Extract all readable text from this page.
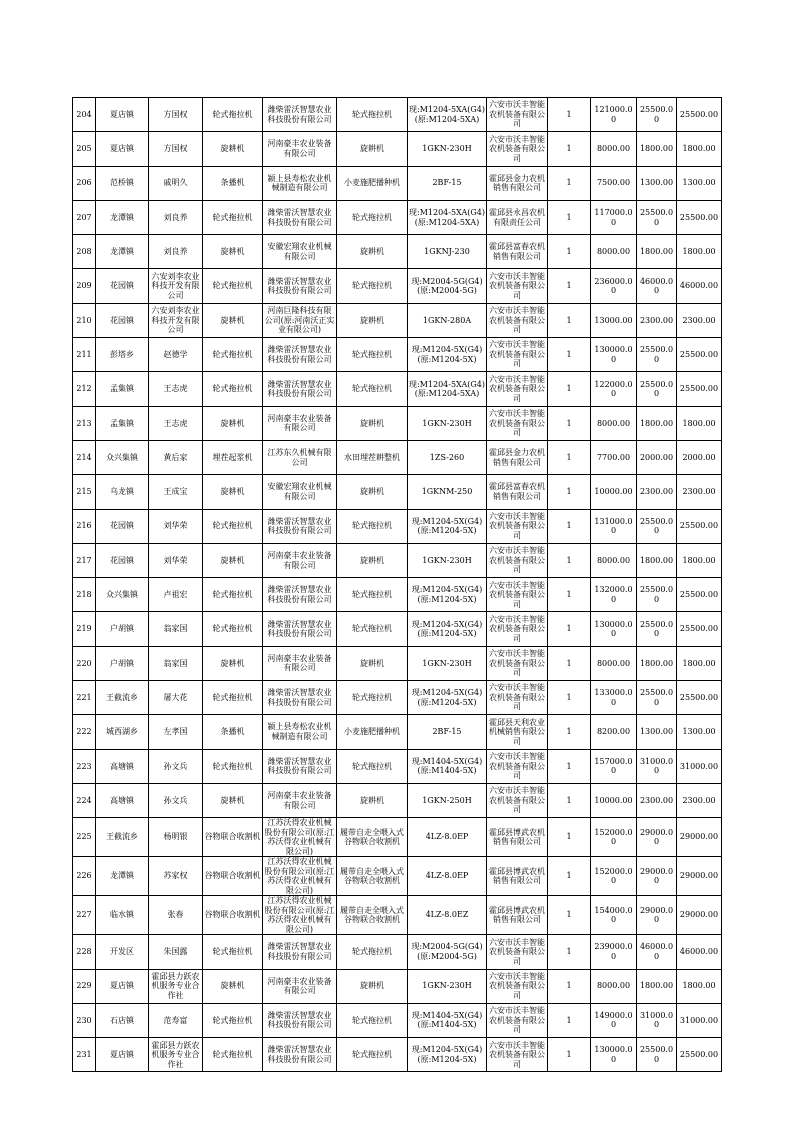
204	夏店镇	方国权	轮式拖拉机	潍柴雷沃智慧农业科技股份有限公司	轮式拖拉机	现:M1204-5XA(G4)(原:M1204-5XA)	六安市沃丰智能农机装备有限公司	1	121000.00	25500.00	25500.00
205	夏店镇	方国权	旋耕机	河南豪丰农业装备有限公司	旋耕机	1GKN-230H	六安市沃丰智能农机装备有限公司	1	8000.00	1800.00	1800.00
206	范桥镇	戚明久	条播机	颍上县寿松农业机械制造有限公司	小麦施肥播种机	2BF-15	霍邱县金力农机销售有限公司	1	7500.00	1300.00	1300.00
207	龙潭镇	刘良养	轮式拖拉机	潍柴雷沃智慧农业科技股份有限公司	轮式拖拉机	现:M1204-5XA(G4)(原:M1204-5XA)	霍邱县永昌农机有限责任公司	1	117000.00	25500.00	25500.00
208	龙潭镇	刘良养	旋耕机	安徽宏翔农业机械有限公司	旋耕机	1GKNJ-230	霍邱县富春农机销售有限公司	1	8000.00	1800.00	1800.00
209	花园镇	六安刘李农业科技开发有限公司	轮式拖拉机	潍柴雷沃智慧农业科技股份有限公司	轮式拖拉机	现:M2004-5G(G4)(原:M2004-5G)	六安市沃丰智能农机装备有限公司	1	236000.00	46000.00	46000.00
210	花园镇	六安刘李农业科技开发有限公司	旋耕机	河南巨隆科技有限公司(原:河南沃正实业有限公司)	旋耕机	1GKN-280A	六安市沃丰智能农机装备有限公司	1	13000.00	2300.00	2300.00
211	彭塔乡	赵德学	轮式拖拉机	潍柴雷沃智慧农业科技股份有限公司	轮式拖拉机	现:M1204-5X(G4)(原:M1204-5X)	六安市沃丰智能农机装备有限公司	1	130000.00	25500.00	25500.00
212	孟集镇	王志虎	轮式拖拉机	潍柴雷沃智慧农业科技股份有限公司	轮式拖拉机	现:M1204-5XA(G4)(原:M1204-5XA)	六安市沃丰智能农机装备有限公司	1	122000.00	25500.00	25500.00
213	孟集镇	王志虎	旋耕机	河南豪丰农业装备有限公司	旋耕机	1GKN-230H	六安市沃丰智能农机装备有限公司	1	8000.00	1800.00	1800.00
214	众兴集镇	黄后家	埋茬起浆机	江苏东久机械有限公司	水田埋茬耕整机	1ZS-260	霍邱县金力农机销售有限公司	1	7700.00	2000.00	2000.00
215	乌龙镇	王成宝	旋耕机	安徽宏翔农业机械有限公司	旋耕机	1GKNM-250	霍邱县富春农机销售有限公司	1	10000.00	2300.00	2300.00
216	花园镇	刘华荣	轮式拖拉机	潍柴雷沃智慧农业科技股份有限公司	轮式拖拉机	现:M1204-5X(G4)(原:M1204-5X)	六安市沃丰智能农机装备有限公司	1	131000.00	25500.00	25500.00
217	花园镇	刘华荣	旋耕机	河南豪丰农业装备有限公司	旋耕机	1GKN-230H	六安市沃丰智能农机装备有限公司	1	8000.00	1800.00	1800.00
218	众兴集镇	卢祖宏	轮式拖拉机	潍柴雷沃智慧农业科技股份有限公司	轮式拖拉机	现:M1204-5X(G4)(原:M1204-5X)	六安市沃丰智能农机装备有限公司	1	132000.00	25500.00	25500.00
219	户胡镇	翁家国	轮式拖拉机	潍柴雷沃智慧农业科技股份有限公司	轮式拖拉机	现:M1204-5X(G4)(原:M1204-5X)	六安市沃丰智能农机装备有限公司	1	130000.00	25500.00	25500.00
220	户胡镇	翁家国	旋耕机	河南豪丰农业装备有限公司	旋耕机	1GKN-230H	六安市沃丰智能农机装备有限公司	1	8000.00	1800.00	1800.00
221	王截流乡	屠大花	轮式拖拉机	潍柴雷沃智慧农业科技股份有限公司	轮式拖拉机	现:M1204-5X(G4)(原:M1204-5X)	六安市沃丰智能农机装备有限公司	1	133000.00	25500.00	25500.00
222	城西湖乡	左孝国	条播机	颍上县寿松农业机械制造有限公司	小麦施肥播种机	2BF-15	霍邱县天利农业机械销售有限公司	1	8200.00	1300.00	1300.00
223	高塘镇	孙文兵	轮式拖拉机	潍柴雷沃智慧农业科技股份有限公司	轮式拖拉机	现:M1404-5X(G4)(原:M1404-5X)	六安市沃丰智能农机装备有限公司	1	157000.00	31000.00	31000.00
224	高塘镇	孙文兵	旋耕机	河南豪丰农业装备有限公司	旋耕机	1GKN-250H	六安市沃丰智能农机装备有限公司	1	10000.00	2300.00	2300.00
225	王截流乡	杨明银	谷物联合收割机	江苏沃得农业机械股份有限公司(原:江苏沃得农业机械有限公司)	履带自走全喂入式谷物联合收割机	4LZ-8.0EP	霍邱县博武农机销售有限公司	1	152000.00	29000.00	29000.00
226	龙潭镇	苏家权	谷物联合收割机	江苏沃得农业机械股份有限公司(原:江苏沃得农业机械有限公司)	履带自走全喂入式谷物联合收割机	4LZ-8.0EP	霍邱县博武农机销售有限公司	1	152000.00	29000.00	29000.00
227	临水镇	张春	谷物联合收割机	江苏沃得农业机械股份有限公司(原:江苏沃得农业机械有限公司)	履带自走全喂入式谷物联合收割机	4LZ-8.0EZ	霍邱县博武农机销售有限公司	1	154000.00	29000.00	29000.00
228	开发区	朱国露	轮式拖拉机	潍柴雷沃智慧农业科技股份有限公司	轮式拖拉机	现:M2004-5G(G4)(原:M2004-5G)	六安市沃丰智能农机装备有限公司	1	239000.00	46000.00	46000.00
229	夏店镇	霍邱县力跃农机服务专业合作社	旋耕机	河南豪丰农业装备有限公司	旋耕机	1GKN-230H	六安市沃丰智能农机装备有限公司	1	8000.00	1800.00	1800.00
230	石店镇	范寿富	轮式拖拉机	潍柴雷沃智慧农业科技股份有限公司	轮式拖拉机	现:M1404-5X(G4)(原:M1404-5X)	六安市沃丰智能农机装备有限公司	1	149000.00	31000.00	31000.00
231	夏店镇	霍邱县力跃农机服务专业合作社	轮式拖拉机	潍柴雷沃智慧农业科技股份有限公司	轮式拖拉机	现:M1204-5X(G4)(原:M1204-5X)	六安市沃丰智能农机装备有限公司	1	130000.00	25500.00	25500.00
